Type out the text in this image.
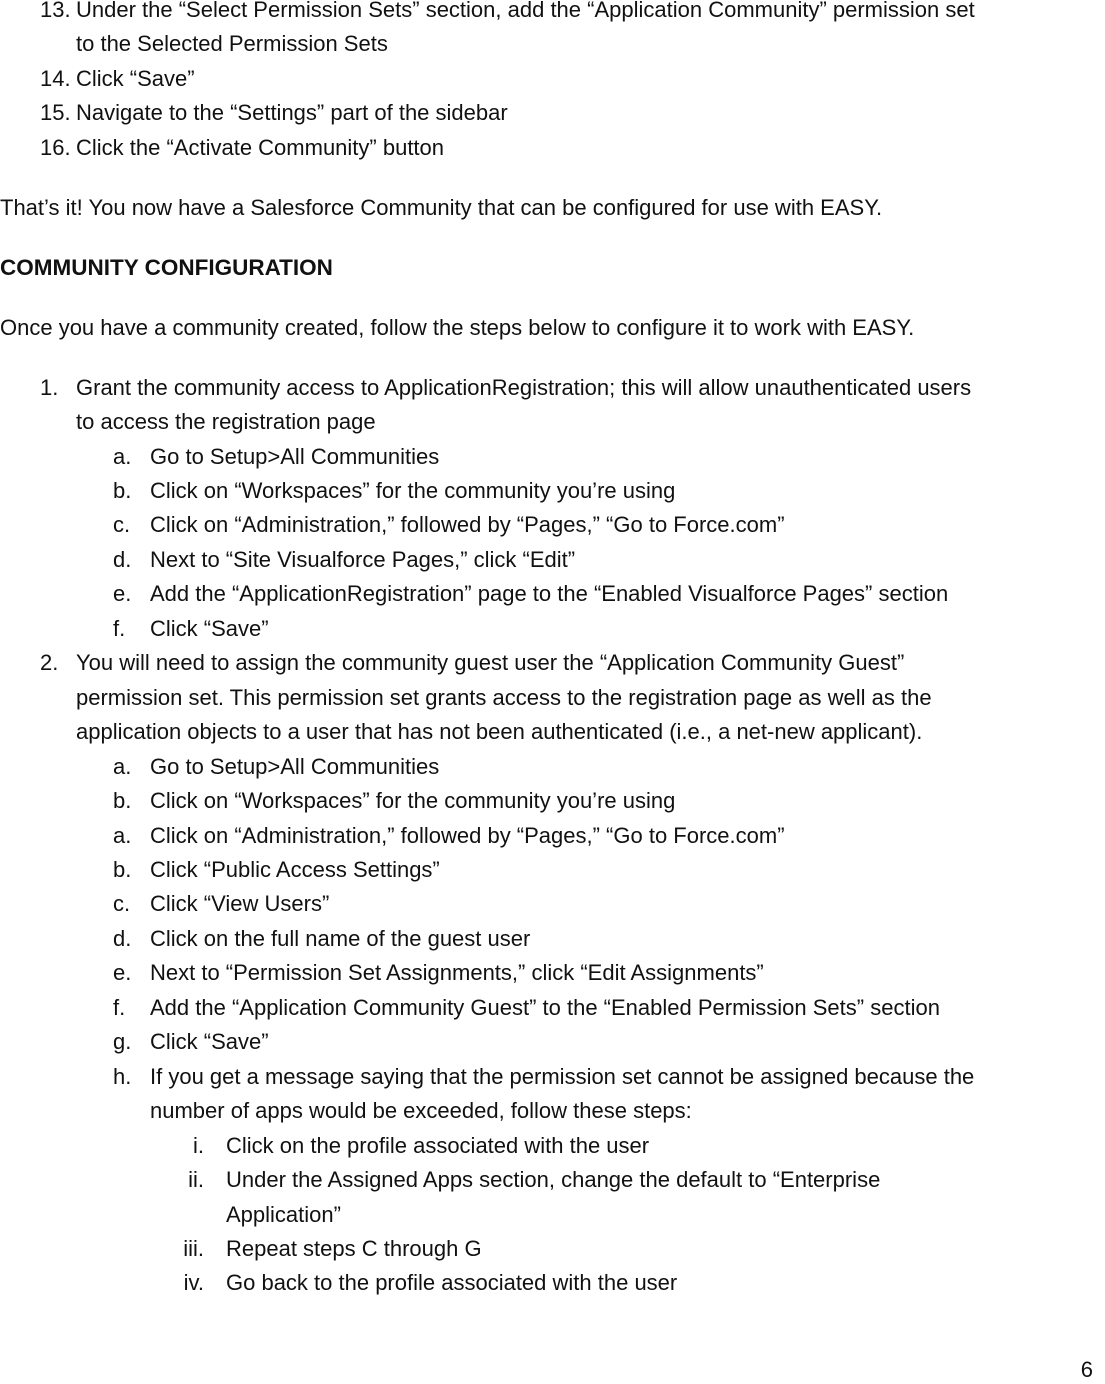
13. Under the “Select Permission Sets” section, add the “Application Community” permission set
to the Selected Permission Sets
14. Click “Save”
15. Navigate to the “Settings” part of the sidebar
16. Click the “Activate Community” button
That’s it! You now have a Salesforce Community that can be configured for use with EASY.
COMMUNITY CONFIGURATION
Once you have a community created, follow the steps below to configure it to work with EASY.
1. Grant the community access to ApplicationRegistration; this will allow unauthenticated users
to access the registration page
a. Go to Setup>All Communities
b. Click on “Workspaces” for the community you’re using
c. Click on “Administration,” followed by “Pages,” “Go to Force.com”
d. Next to “Site Visualforce Pages,” click “Edit”
e. Add the “ApplicationRegistration” page to the “Enabled Visualforce Pages” section
f. Click “Save”
2. You will need to assign the community guest user the “Application Community Guest”
permission set. This permission set grants access to the registration page as well as the
application objects to a user that has not been authenticated (i.e., a net-new applicant).
a. Go to Setup>All Communities
b. Click on “Workspaces” for the community you’re using
a. Click on “Administration,” followed by “Pages,” “Go to Force.com”
b. Click “Public Access Settings”
c. Click “View Users”
d. Click on the full name of the guest user
e. Next to “Permission Set Assignments,” click “Edit Assignments”
f. Add the “Application Community Guest” to the “Enabled Permission Sets” section
g. Click “Save”
h. If you get a message saying that the permission set cannot be assigned because the
number of apps would be exceeded, follow these steps:
i. Click on the profile associated with the user
ii. Under the Assigned Apps section, change the default to “Enterprise
Application”
iii. Repeat steps C through G
iv. Go back to the profile associated with the user
6
